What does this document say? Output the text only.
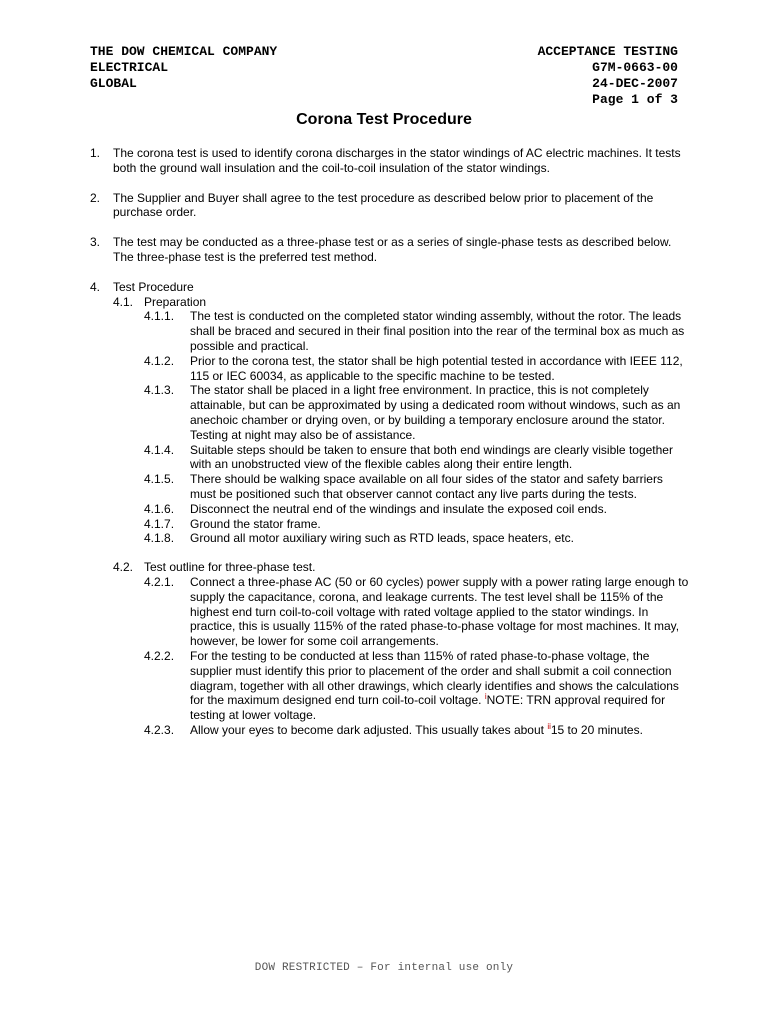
THE DOW CHEMICAL COMPANY
ELECTRICAL
GLOBAL
ACCEPTANCE TESTING
G7M-0663-00
24-DEC-2007
Page 1 of 3
Corona Test Procedure
1.	The corona test is used to identify corona discharges in the stator windings of AC electric machines. It tests both the ground wall insulation and the coil-to-coil insulation of the stator windings.
2.	The Supplier and Buyer shall agree to the test procedure as described below prior to placement of the purchase order.
3.	The test may be conducted as a three-phase test or as a series of single-phase tests as described below. The three-phase test is the preferred test method.
4.	Test Procedure
4.1. Preparation
4.1.1.	The test is conducted on the completed stator winding assembly, without the rotor. The leads shall be braced and secured in their final position into the rear of the terminal box as much as possible and practical.
4.1.2.	Prior to the corona test, the stator shall be high potential tested in accordance with IEEE 112, 115 or IEC 60034, as applicable to the specific machine to be tested.
4.1.3.	The stator shall be placed in a light free environment. In practice, this is not completely attainable, but can be approximated by using a dedicated room without windows, such as an anechoic chamber or drying oven, or by building a temporary enclosure around the stator. Testing at night may also be of assistance.
4.1.4.	Suitable steps should be taken to ensure that both end windings are clearly visible together with an unobstructed view of the flexible cables along their entire length.
4.1.5.	There should be walking space available on all four sides of the stator and safety barriers must be positioned such that observer cannot contact any live parts during the tests.
4.1.6.	Disconnect the neutral end of the windings and insulate the exposed coil ends.
4.1.7.	Ground the stator frame.
4.1.8.	Ground all motor auxiliary wiring such as RTD leads, space heaters, etc.
4.2. Test outline for three-phase test.
4.2.1.	Connect a three-phase AC (50 or 60 cycles) power supply with a power rating large enough to supply the capacitance, corona, and leakage currents. The test level shall be 115% of the highest end turn coil-to-coil voltage with rated voltage applied to the stator windings. In practice, this is usually 115% of the rated phase-to-phase voltage for most machines. It may, however, be lower for some coil arrangements.
4.2.2.	For the testing to be conducted at less than 115% of rated phase-to-phase voltage, the supplier must identify this prior to placement of the order and shall submit a coil connection diagram, together with all other drawings, which clearly identifies and shows the calculations for the maximum designed end turn coil-to-coil voltage. $^i$NOTE: TRN approval required for testing at lower voltage.
4.2.3.	Allow your eyes to become dark adjusted. This usually takes about $^{ii}$15 to 20 minutes.
DOW RESTRICTED – For internal use only
